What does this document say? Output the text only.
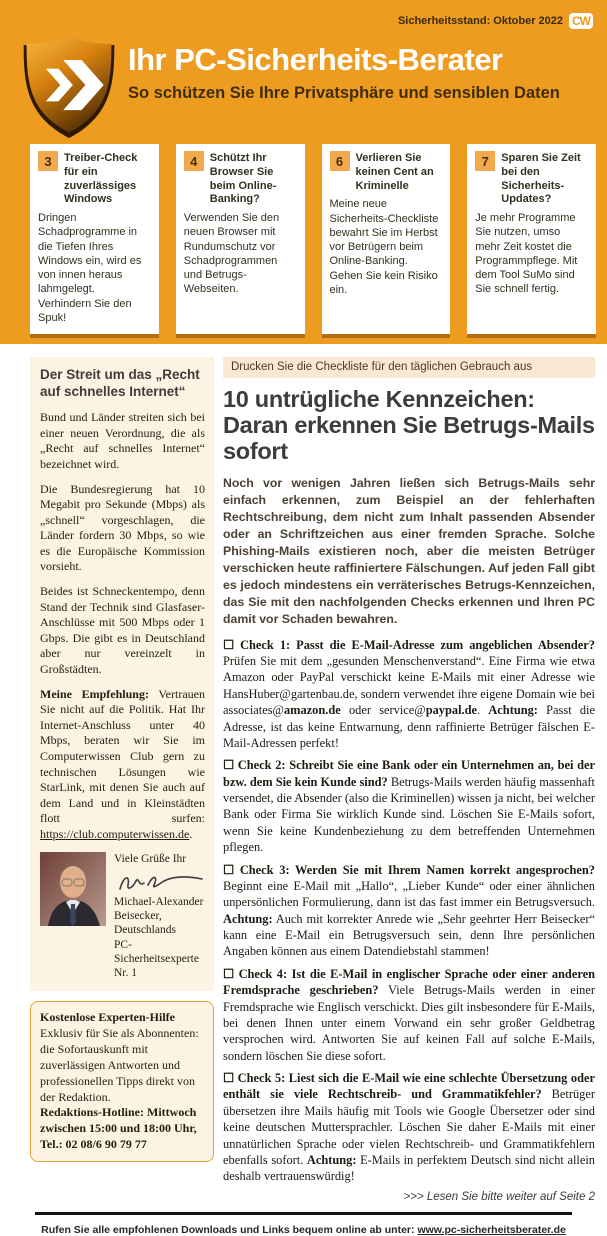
Sicherheitsstand: Oktober 2022 CW
Ihr PC-Sicherheits-Berater
So schützen Sie Ihre Privatsphäre und sensiblen Daten
3	Treiber-Check für ein zuverlässiges Windows
Dringen Schadprogramme in die Tiefen Ihres Windows ein, wird es von innen heraus lahmgelegt. Verhindern Sie den Spuk!
4	Schützt Ihr Browser Sie beim Online-Banking?
Verwenden Sie den neuen Browser mit Rundumschutz vor Schadprogrammen und Betrugs-Webseiten.
6	Verlieren Sie keinen Cent an Kriminelle
Meine neue Sicherheits-Checkliste bewahrt Sie im Herbst vor Betrügern beim Online-Banking. Gehen Sie kein Risiko ein.
7	Sparen Sie Zeit bei den Sicherheits-Updates?
Je mehr Programme Sie nutzen, umso mehr Zeit kostet die Programmpflege. Mit dem Tool SuMo sind Sie schnell fertig.
Der Streit um das „Recht auf schnelles Internet“

Bund und Länder streiten sich bei einer neuen Verordnung, die als „Recht auf schnelles Internet“ bezeichnet wird.

Die Bundesregierung hat 10 Megabit pro Sekunde (Mbps) als „schnell“ vorgeschlagen, die Länder fordern 30 Mbps, so wie es die Europäische Kommission vorsieht.

Beides ist Schneckentempo, denn Stand der Technik sind Glasfaser-Anschlüsse mit 500 Mbps oder 1 Gbps. Die gibt es in Deutschland aber nur vereinzelt in Großstädten.

Meine Empfehlung: Vertrauen Sie nicht auf die Politik. Hat Ihr Internet-Anschluss unter 40 Mbps, beraten wir Sie im Computerwissen Club gern zu technischen Lösungen wie StarLink, mit denen Sie auch auf dem Land und in Kleinstädten flott surfen: https://club.computerwissen.de.

Viele Grüße Ihr
Michael-Alexander
Beisecker,
Deutschlands
PC-Sicherheitsexperte Nr. 1

Kostenlose Experten-Hilfe

Exklusiv für Sie als Abonnenten: die Sofortauskunft mit zuverlässigen Antworten und professionellen Tipps direkt von der Redaktion.

Redaktions-Hotline: Mittwoch zwischen 15:00 und 18:00 Uhr, Tel.: 02 08/6 90 79 77

Drucken Sie die Checkliste für den täglichen Gebrauch aus
10 untrügliche Kennzeichen: Daran erkennen Sie Betrugs-Mails sofort

Noch vor wenigen Jahren ließen sich Betrugs-Mails sehr einfach erkennen, zum Beispiel an der fehlerhaften Rechtschreibung, dem nicht zum Inhalt passenden Absender oder an Schriftzeichen aus einer fremden Sprache. Solche Phishing-Mails existieren noch, aber die meisten Betrüger verschicken heute raffiniertere Fälschungen. Auf jeden Fall gibt es jedoch mindestens ein verräterisches Betrugs-Kennzeichen, das Sie mit den nachfolgenden Checks erkennen und Ihren PC damit vor Schaden bewahren.

☐ Check 1: Passt die E-Mail-Adresse zum angeblichen Absender? Prüfen Sie mit dem „gesunden Menschenverstand“. Eine Firma wie etwa Amazon oder PayPal verschickt keine E-Mails mit einer Adresse wie HansHuber@gartenbau.de, sondern verwendet ihre eigene Domain wie bei associates@amazon.de oder service@paypal.de. Achtung: Passt die Adresse, ist das keine Entwarnung, denn raffinierte Betrüger fälschen E-Mail-Adressen perfekt!

☐ Check 2: Schreibt Sie eine Bank oder ein Unternehmen an, bei der bzw. dem Sie kein Kunde sind? Betrugs-Mails werden häufig massenhaft versendet, die Absender (also die Kriminellen) wissen ja nicht, bei welcher Bank oder Firma Sie wirklich Kunde sind. Löschen Sie E-Mails sofort, wenn Sie keine Kundenbeziehung zu dem betreffenden Unternehmen pflegen.

☐ Check 3: Werden Sie mit Ihrem Namen korrekt angesprochen? Beginnt eine E-Mail mit „Hallo“, „Lieber Kunde“ oder einer ähnlichen unpersönlichen Formulierung, dann ist das fast immer ein Betrugsversuch. Achtung: Auch mit korrekter Anrede wie „Sehr geehrter Herr Beisecker“ kann eine E-Mail ein Betrugsversuch sein, denn Ihre persönlichen Angaben können aus einem Datendiebstahl stammen!

☐ Check 4: Ist die E-Mail in englischer Sprache oder einer anderen Fremdsprache geschrieben? Viele Betrugs-Mails werden in einer Fremdsprache wie Englisch verschickt. Dies gilt insbesondere für E-Mails, bei denen Ihnen unter einem Vorwand ein sehr großer Geldbetrag versprochen wird. Antworten Sie auf keinen Fall auf solche E-Mails, sondern löschen Sie diese sofort.

☐ Check 5: Liest sich die E-Mail wie eine schlechte Übersetzung oder enthält sie viele Rechtschreib- und Grammatikfehler? Betrüger übersetzen ihre Mails häufig mit Tools wie Google Übersetzer oder sind keine deutschen Muttersprachler. Löschen Sie daher E-Mails mit einer unnatürlichen Sprache oder vielen Rechtschreib- und Grammatikfehlern ebenfalls sofort. Achtung: E-Mails in perfektem Deutsch sind nicht allein deshalb vertrauenswürdig!

>>> Lesen Sie bitte weiter auf Seite 2
Rufen Sie alle empfohlenen Downloads und Links bequem online ab unter: www.pc-sicherheitsberater.de
